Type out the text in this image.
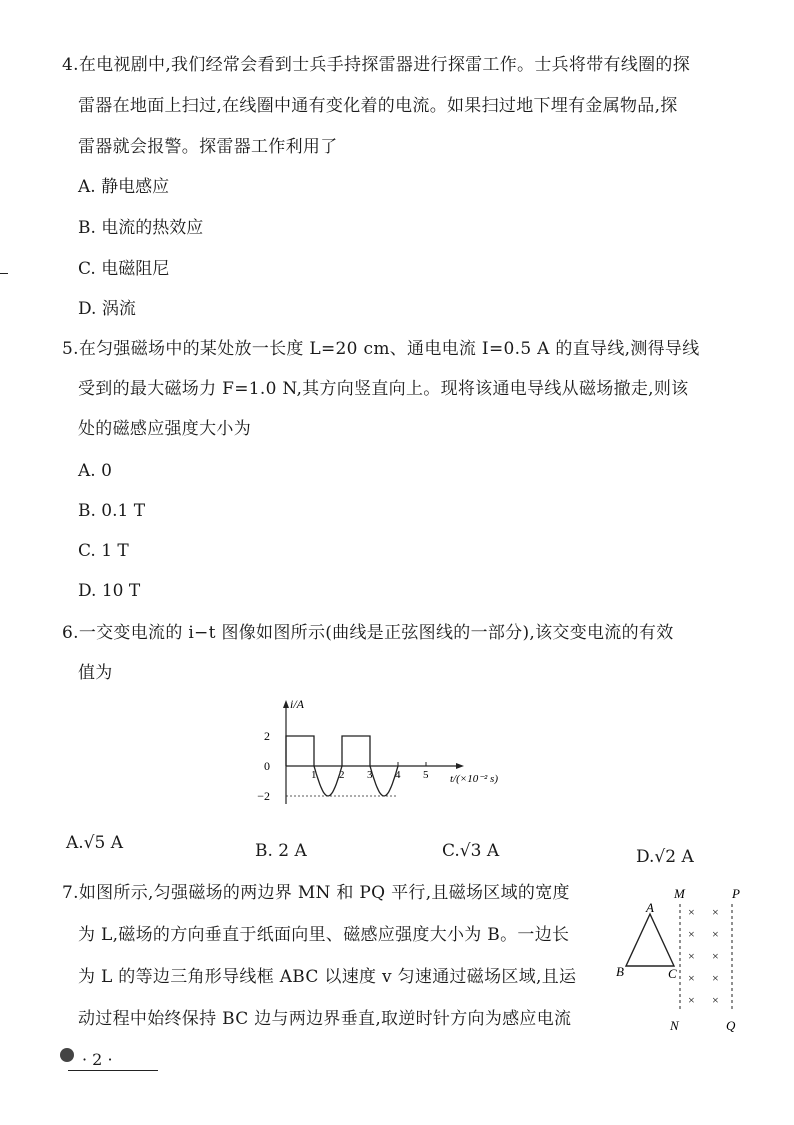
4.在电视剧中,我们经常会看到士兵手持探雷器进行探雷工作。士兵将带有线圈的探
雷器在地面上扫过,在线圈中通有变化着的电流。如果扫过地下埋有金属物品,探
雷器就会报警。探雷器工作利用了
A. 静电感应
B. 电流的热效应
C. 电磁阻尼
D. 涡流
5.在匀强磁场中的某处放一长度 L=20 cm、通电电流 I=0.5 A 的直导线,测得导线
受到的最大磁场力 F=1.0 N,其方向竖直向上。现将该通电导线从磁场撤走,则该
处的磁感应强度大小为
A. 0
B. 0.1 T
C. 1 T
D. 10 T
6.一交变电流的 i−t 图像如图所示(曲线是正弦图线的一部分),该交变电流的有效
值为
i/A
t/(×10⁻² s)
2
0
−2
1 2 3 4 5
A.√5 A	B. 2 A	C.√3 A	D.√2 A
7.如图所示,匀强磁场的两边界 MN 和 PQ 平行,且磁场区域的宽度
为 L,磁场的方向垂直于纸面向里、磁感应强度大小为 B。一边长
为 L 的等边三角形导线框 ABC 以速度 v 匀速通过磁场区域,且运
动过程中始终保持 BC 边与两边界垂直,取逆时针方向为感应电流
M	P
N	Q
×
×
×
×
×
×
×
×
×
×
A
B	C
· 2 ·
